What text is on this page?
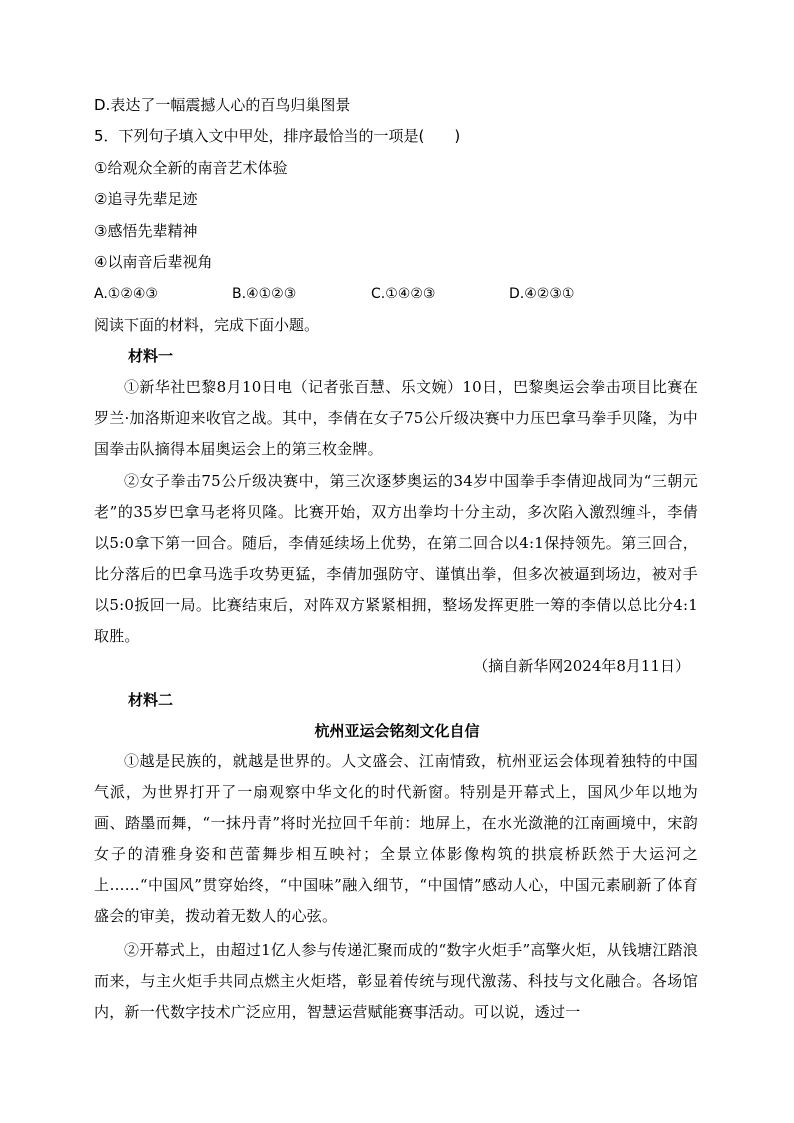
D.表达了一幅震撼人心的百鸟归巢图景
5．下列句子填入文中甲处，排序最恰当的一项是(　　)
①给观众全新的南音艺术体验
②追寻先辈足迹
③感悟先辈精神
④以南音后辈视角
A.①②④③	B.④①②③	C.①④②③	D.④②③①
阅读下面的材料，完成下面小题。
材料一
①新华社巴黎8月10日电（记者张百慧、乐文婉）10日，巴黎奥运会拳击项目比赛在罗兰·加洛斯迎来收官之战。其中，李倩在女子75公斤级决赛中力压巴拿马拳手贝隆，为中国拳击队摘得本届奥运会上的第三枚金牌。
②女子拳击75公斤级决赛中，第三次逐梦奥运的34岁中国拳手李倩迎战同为“三朝元老”的35岁巴拿马老将贝隆。比赛开始，双方出拳均十分主动，多次陷入激烈缠斗，李倩以5:0拿下第一回合。随后，李倩延续场上优势，在第二回合以4:1保持领先。第三回合，比分落后的巴拿马选手攻势更猛，李倩加强防守、谨慎出拳，但多次被逼到场边，被对手以5:0扳回一局。比赛结束后，对阵双方紧紧相拥，整场发挥更胜一筹的李倩以总比分4:1取胜。
（摘自新华网2024年8月11日）
材料二
杭州亚运会铭刻文化自信
①越是民族的，就越是世界的。人文盛会、江南情致，杭州亚运会体现着独特的中国气派，为世界打开了一扇观察中华文化的时代新窗。特别是开幕式上，国风少年以地为画、踏墨而舞，“一抹丹青”将时光拉回千年前：地屏上，在水光潋滟的江南画境中，宋韵女子的清雅身姿和芭蕾舞步相互映衬；全景立体影像构筑的拱宸桥跃然于大运河之上……“中国风”贯穿始终，“中国味”融入细节，“中国情”感动人心，中国元素刷新了体育盛会的审美，拨动着无数人的心弦。
②开幕式上，由超过1亿人参与传递汇聚而成的“数字火炬手”高擎火炬，从钱塘江踏浪而来，与主火炬手共同点燃主火炬塔，彰显着传统与现代激荡、科技与文化融合。各场馆内，新一代数字技术广泛应用，智慧运营赋能赛事活动。可以说，透过一
